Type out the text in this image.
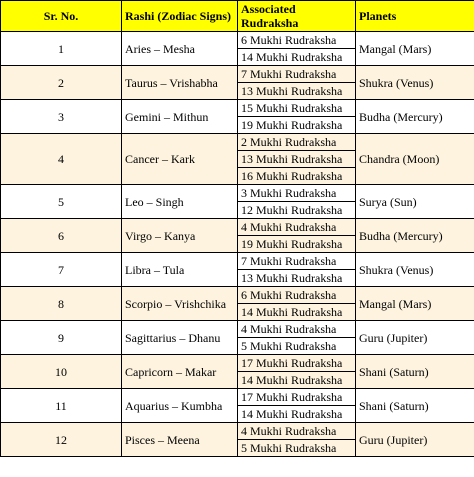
Sr. No.	Rashi (Zodiac Signs)	Associated Rudraksha	Planets
1	Aries – Mesha	6 Mukhi Rudraksha	Mangal (Mars)
		14 Mukhi Rudraksha	
2	Taurus – Vrishabha	7 Mukhi Rudraksha	Shukra (Venus)
		13 Mukhi Rudraksha	
3	Gemini – Mithun	15 Mukhi Rudraksha	Budha (Mercury)
		19 Mukhi Rudraksha	
4	Cancer – Kark	2 Mukhi Rudraksha	Chandra (Moon)
		13 Mukhi Rudraksha	
		16 Mukhi Rudraksha	
5	Leo – Singh	3 Mukhi Rudraksha	Surya (Sun)
		12 Mukhi Rudraksha	
6	Virgo – Kanya	4 Mukhi Rudraksha	Budha (Mercury)
		19 Mukhi Rudraksha	
7	Libra – Tula	7 Mukhi Rudraksha	Shukra (Venus)
		13 Mukhi Rudraksha	
8	Scorpio – Vrishchika	6 Mukhi Rudraksha	Mangal (Mars)
		14 Mukhi Rudraksha	
9	Sagittarius – Dhanu	4 Mukhi Rudraksha	Guru (Jupiter)
		5 Mukhi Rudraksha	
10	Capricorn – Makar	17 Mukhi Rudraksha	Shani (Saturn)
		14 Mukhi Rudraksha	
11	Aquarius – Kumbha	17 Mukhi Rudraksha	Shani (Saturn)
		14 Mukhi Rudraksha	
12	Pisces – Meena	4 Mukhi Rudraksha	Guru (Jupiter)
		5 Mukhi Rudraksha	
